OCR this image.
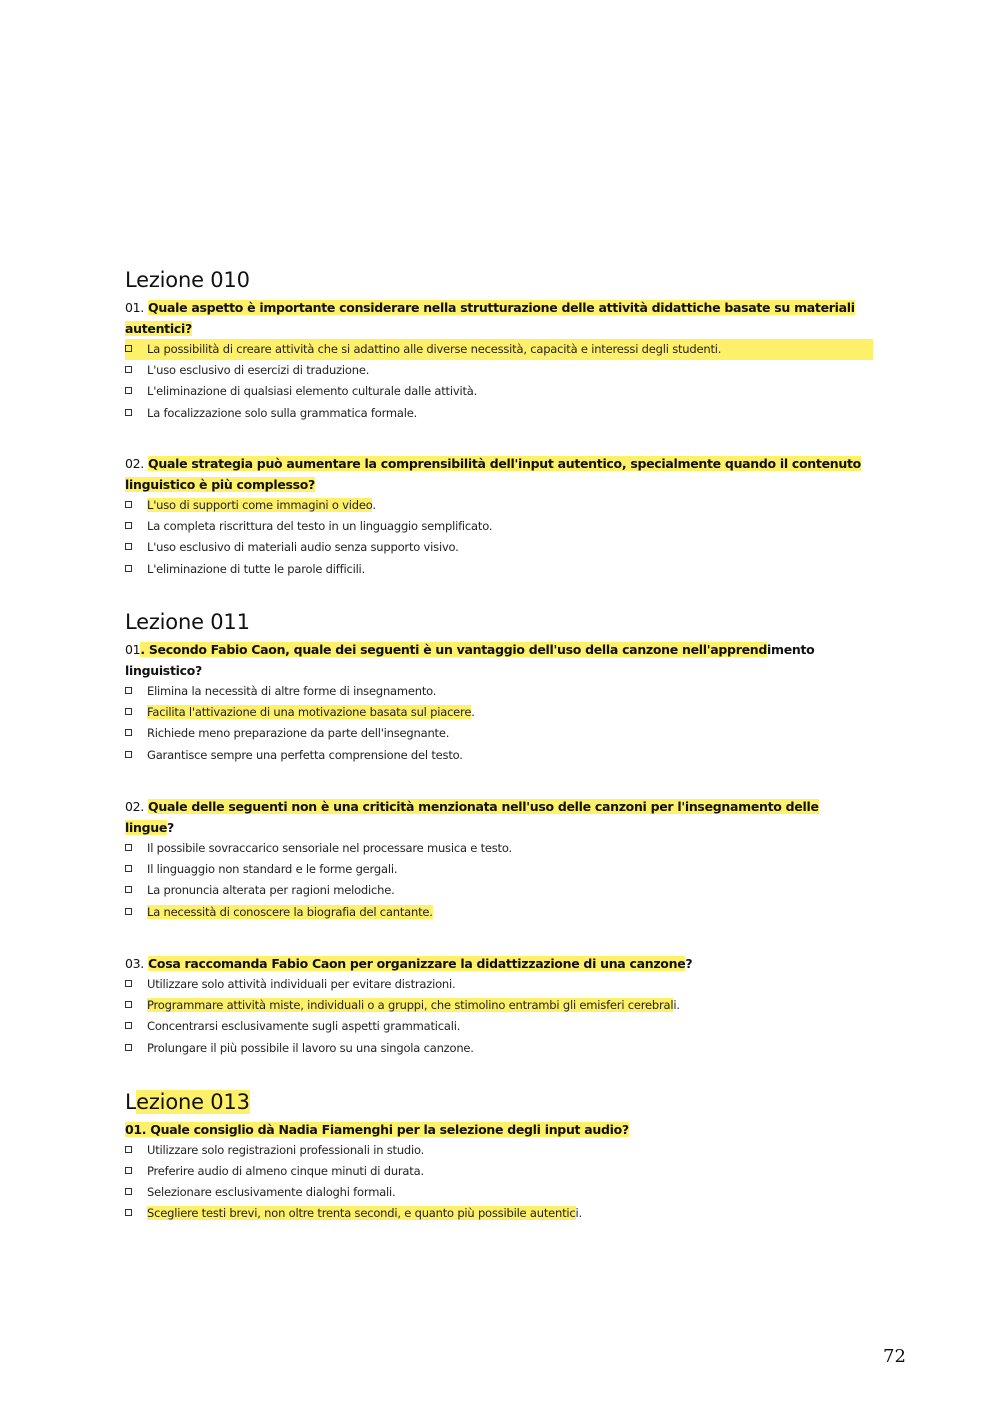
Lezione 010

01. Quale aspetto è importante considerare nella strutturazione delle attività didattiche basate su materiali autentici?

La possibilità di creare attività che si adattino alle diverse necessità, capacità e interessi degli studenti.
L'uso esclusivo di esercizi di traduzione.
L'eliminazione di qualsiasi elemento culturale dalle attività.
La focalizzazione solo sulla grammatica formale.

02. Quale strategia può aumentare la comprensibilità dell'input autentico, specialmente quando il contenuto linguistico è più complesso?

L'uso di supporti come immagini o video.
La completa riscrittura del testo in un linguaggio semplificato.
L'uso esclusivo di materiali audio senza supporto visivo.
L'eliminazione di tutte le parole difficili.
Lezione 011

01. Secondo Fabio Caon, quale dei seguenti è un vantaggio dell'uso della canzone nell'apprendimento linguistico?

Elimina la necessità di altre forme di insegnamento.
Facilita l'attivazione di una motivazione basata sul piacere.
Richiede meno preparazione da parte dell'insegnante.
Garantisce sempre una perfetta comprensione del testo.

02. Quale delle seguenti non è una criticità menzionata nell'uso delle canzoni per l'insegnamento delle lingue?

Il possibile sovraccarico sensoriale nel processare musica e testo.
Il linguaggio non standard e le forme gergali.
La pronuncia alterata per ragioni melodiche.
La necessità di conoscere la biografia del cantante.

03. Cosa raccomanda Fabio Caon per organizzare la didattizzazione di una canzone?

Utilizzare solo attività individuali per evitare distrazioni.
Programmare attività miste, individuali o a gruppi, che stimolino entrambi gli emisferi cerebrali.
Concentrarsi esclusivamente sugli aspetti grammaticali.
Prolungare il più possibile il lavoro su una singola canzone.
Lezione 013

01. Quale consiglio dà Nadia Fiamenghi per la selezione degli input audio?

Utilizzare solo registrazioni professionali in studio.
Preferire audio di almeno cinque minuti di durata.
Selezionare esclusivamente dialoghi formali.
Scegliere testi brevi, non oltre trenta secondi, e quanto più possibile autentici.
72
